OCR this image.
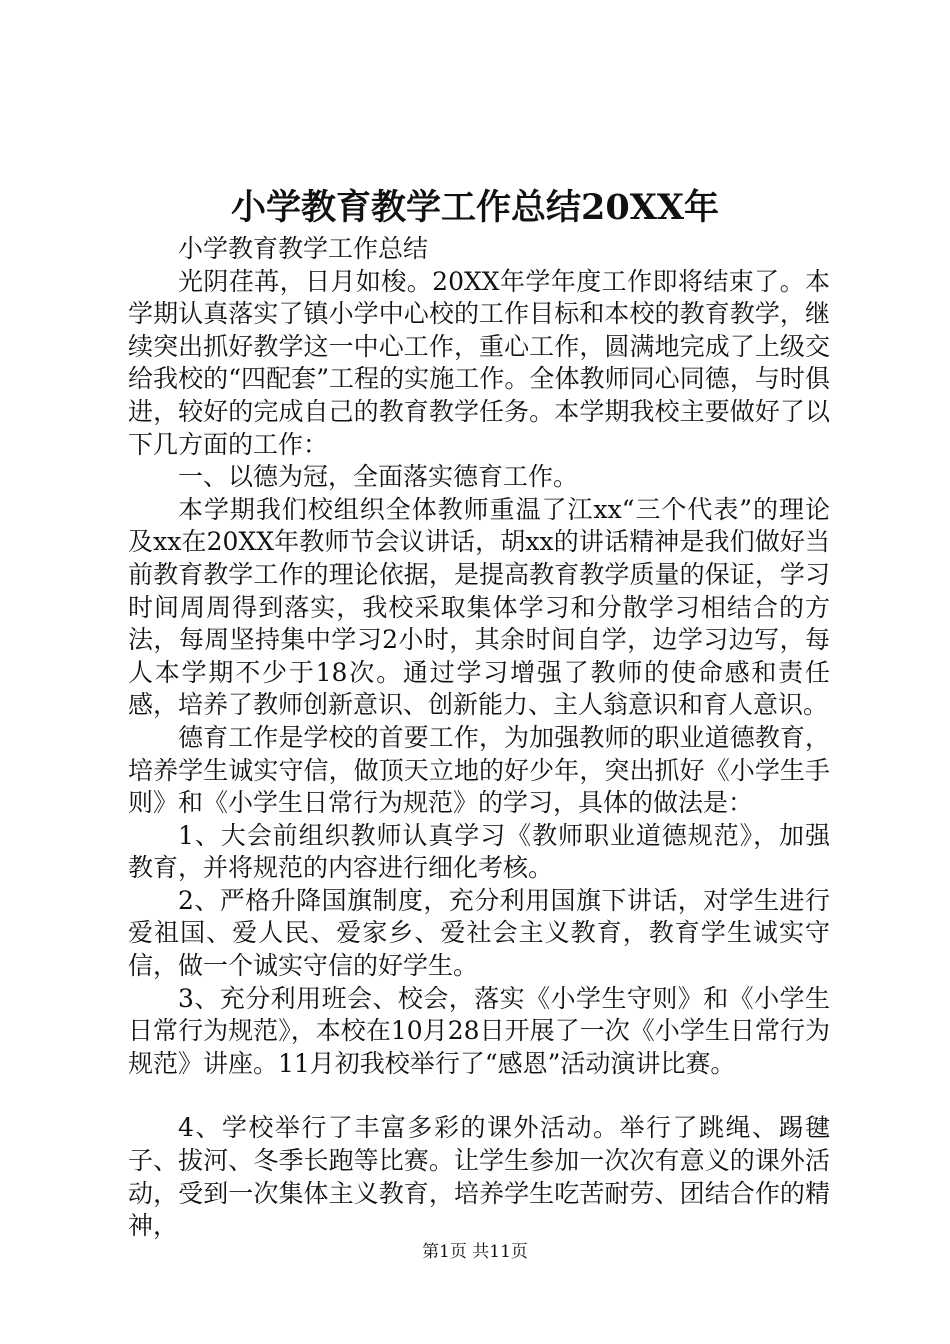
小学教育教学工作总结20XX年

小学教育教学工作总结

光阴荏苒，日月如梭。20XX年学年度工作即将结束了。本学期认真落实了镇小学中心校的工作目标和本校的教育教学，继续突出抓好教学这一中心工作，重心工作，圆满地完成了上级交给我校的“四配套”工程的实施工作。全体教师同心同德，与时俱进，较好的完成自己的教育教学任务。本学期我校主要做好了以下几方面的工作：

一、以德为冠，全面落实德育工作。

本学期我们校组织全体教师重温了江xx“三个代表”的理论及xx在20XX年教师节会议讲话，胡xx的讲话精神是我们做好当前教育教学工作的理论依据，是提高教育教学质量的保证，学习时间周周得到落实，我校采取集体学习和分散学习相结合的方法，每周坚持集中学习2小时，其余时间自学，边学习边写，每人本学期不少于18次。通过学习增强了教师的使命感和责任感，培养了教师创新意识、创新能力、主人翁意识和育人意识。

德育工作是学校的首要工作，为加强教师的职业道德教育，培养学生诚实守信，做顶天立地的好少年，突出抓好《小学生手则》和《小学生日常行为规范》的学习，具体的做法是：

1、大会前组织教师认真学习《教师职业道德规范》，加强教育，并将规范的内容进行细化考核。

2、严格升降国旗制度，充分利用国旗下讲话，对学生进行爱祖国、爱人民、爱家乡、爱社会主义教育，教育学生诚实守信，做一个诚实守信的好学生。

3、充分利用班会、校会，落实《小学生守则》和《小学生日常行为规范》，本校在10月28日开展了一次《小学生日常行为规范》讲座。11月初我校举行了“感恩”活动演讲比赛。

4、学校举行了丰富多彩的课外活动。举行了跳绳、踢毽子、拔河、冬季长跑等比赛。让学生参加一次次有意义的课外活动，受到一次集体主义教育，培养学生吃苦耐劳、团结合作的精神，

第1页 共11页
